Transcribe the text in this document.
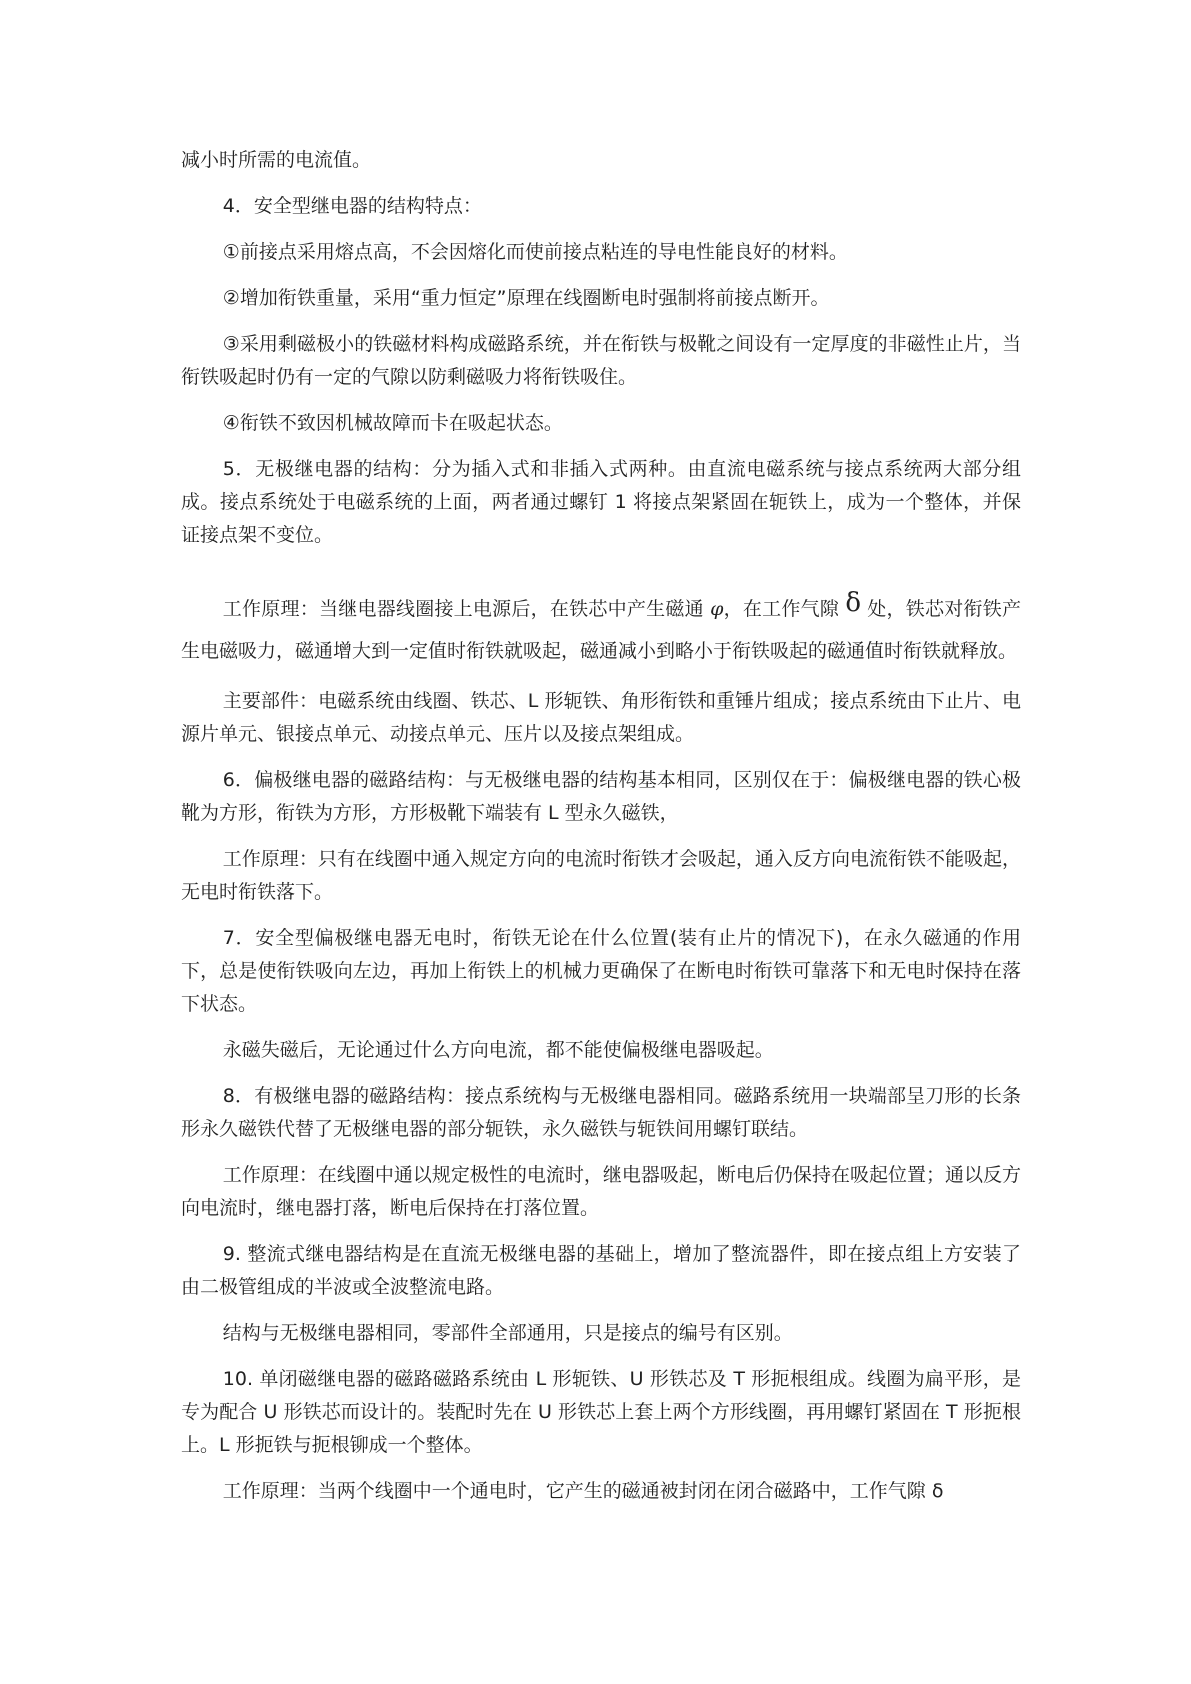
减小时所需的电流值。

4．安全型继电器的结构特点：

①前接点采用熔点高，不会因熔化而使前接点粘连的导电性能良好的材料。

②增加衔铁重量，采用“重力恒定”原理在线圈断电时强制将前接点断开。

③采用剩磁极小的铁磁材料构成磁路系统，并在衔铁与极靴之间设有一定厚度的非磁性止片，当衔铁吸起时仍有一定的气隙以防剩磁吸力将衔铁吸住。

④衔铁不致因机械故障而卡在吸起状态。

5．无极继电器的结构：分为插入式和非插入式两种。由直流电磁系统与接点系统两大部分组成。接点系统处于电磁系统的上面，两者通过螺钉 1 将接点架紧固在轭铁上，成为一个整体，并保证接点架不变位。

工作原理：当继电器线圈接上电源后，在铁芯中产生磁通 φ，在工作气隙 δ 处，铁芯对衔铁产生电磁吸力，磁通增大到一定值时衔铁就吸起，磁通减小到略小于衔铁吸起的磁通值时衔铁就释放。

主要部件：电磁系统由线圈、铁芯、L 形轭铁、角形衔铁和重锤片组成；接点系统由下止片、电源片单元、银接点单元、动接点单元、压片以及接点架组成。

6．偏极继电器的磁路结构：与无极继电器的结构基本相同，区别仅在于：偏极继电器的铁心极靴为方形，衔铁为方形，方形极靴下端装有 L 型永久磁铁，

工作原理：只有在线圈中通入规定方向的电流时衔铁才会吸起，通入反方向电流衔铁不能吸起，无电时衔铁落下。

7．安全型偏极继电器无电时，衔铁无论在什么位置(装有止片的情况下)，在永久磁通的作用下，总是使衔铁吸向左边，再加上衔铁上的机械力更确保了在断电时衔铁可靠落下和无电时保持在落下状态。

永磁失磁后，无论通过什么方向电流，都不能使偏极继电器吸起。

8．有极继电器的磁路结构：接点系统构与无极继电器相同。磁路系统用一块端部呈刀形的长条形永久磁铁代替了无极继电器的部分轭铁，永久磁铁与轭铁间用螺钉联结。

工作原理：在线圈中通以规定极性的电流时，继电器吸起，断电后仍保持在吸起位置；通以反方向电流时，继电器打落，断电后保持在打落位置。

9. 整流式继电器结构是在直流无极继电器的基础上，增加了整流器件，即在接点组上方安装了由二极管组成的半波或全波整流电路。

结构与无极继电器相同，零部件全部通用，只是接点的编号有区别。

10. 单闭磁继电器的磁路磁路系统由 L 形轭铁、U 形铁芯及 T 形扼根组成。线圈为扁平形，是专为配合 U 形铁芯而设计的。装配时先在 U 形铁芯上套上两个方形线圈，再用螺钉紧固在 T 形扼根上。L 形扼铁与扼根铆成一个整体。

工作原理：当两个线圈中一个通电时，它产生的磁通被封闭在闭合磁路中，工作气隙 δ
